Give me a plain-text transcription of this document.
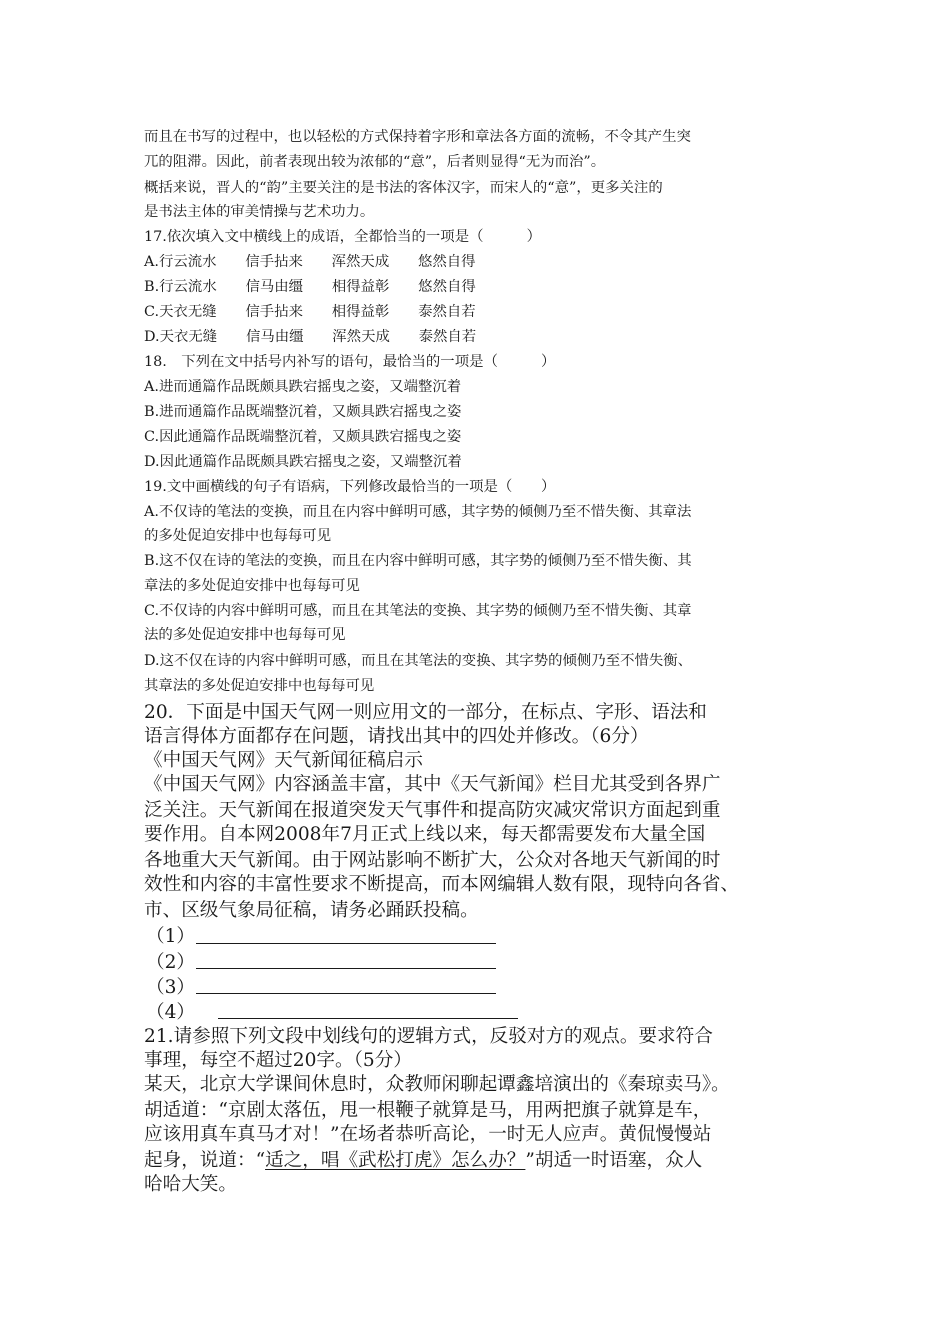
而且在书写的过程中，也以轻松的方式保持着字形和章法各方面的流畅，不令其产生突
兀的阻滞。因此，前者表现出较为浓郁的“意”，后者则显得“无为而治”。
概括来说，晋人的“韵”主要关注的是书法的客体汉字，而宋人的“意”，更多关注的
是书法主体的审美情操与艺术功力。
17.依次填入文中横线上的成语，全都恰当的一项是（　　　）
A.行云流水　　信手拈来　　浑然天成　　悠然自得
B.行云流水　　信马由缰　　相得益彰　　悠然自得
C.天衣无缝　　信手拈来　　相得益彰　　泰然自若
D.天衣无缝　　信马由缰　　浑然天成　　泰然自若
18.　下列在文中括号内补写的语句，最恰当的一项是（　　　）
A.进而通篇作品既颇具跌宕摇曳之姿，又端整沉着
B.进而通篇作品既端整沉着，又颇具跌宕摇曳之姿
C.因此通篇作品既端整沉着，又颇具跌宕摇曳之姿
D.因此通篇作品既颇具跌宕摇曳之姿，又端整沉着
19.文中画横线的句子有语病，下列修改最恰当的一项是（　　）
A.不仅诗的笔法的变换，而且在内容中鲜明可感，其字势的倾侧乃至不惜失衡、其章法
的多处促迫安排中也每每可见
B.这不仅在诗的笔法的变换，而且在内容中鲜明可感，其字势的倾侧乃至不惜失衡、其
章法的多处促迫安排中也每每可见
C.不仅诗的内容中鲜明可感，而且在其笔法的变换、其字势的倾侧乃至不惜失衡、其章
法的多处促迫安排中也每每可见
D.这不仅在诗的内容中鲜明可感，而且在其笔法的变换、其字势的倾侧乃至不惜失衡、
其章法的多处促迫安排中也每每可见
20．下面是中国天气网一则应用文的一部分，在标点、字形、语法和
语言得体方面都存在问题，请找出其中的四处并修改。（6分）
《中国天气网》天气新闻征稿启示
《中国天气网》内容涵盖丰富，其中《天气新闻》栏目尤其受到各界广
泛关注。天气新闻在报道突发天气事件和提高防灾减灾常识方面起到重
要作用。自本网2008年7月正式上线以来，每天都需要发布大量全国
各地重大天气新闻。由于网站影响不断扩大，公众对各地天气新闻的时
效性和内容的丰富性要求不断提高，而本网编辑人数有限，现特向各省、
市、区级气象局征稿，请务必踊跃投稿。
（1）
（2）
（3）
（4）
21.请参照下列文段中划线句的逻辑方式，反驳对方的观点。要求符合
事理，每空不超过20字。（5分）
某天，北京大学课间休息时，众教师闲聊起谭鑫培演出的《秦琼卖马》。
胡适道：“京剧太落伍，甩一根鞭子就算是马，用两把旗子就算是车，
应该用真车真马才对！”在场者恭听高论，一时无人应声。黄侃慢慢站
起身，说道：“适之，唱《武松打虎》怎么办？”胡适一时语塞，众人
哈哈大笑。
